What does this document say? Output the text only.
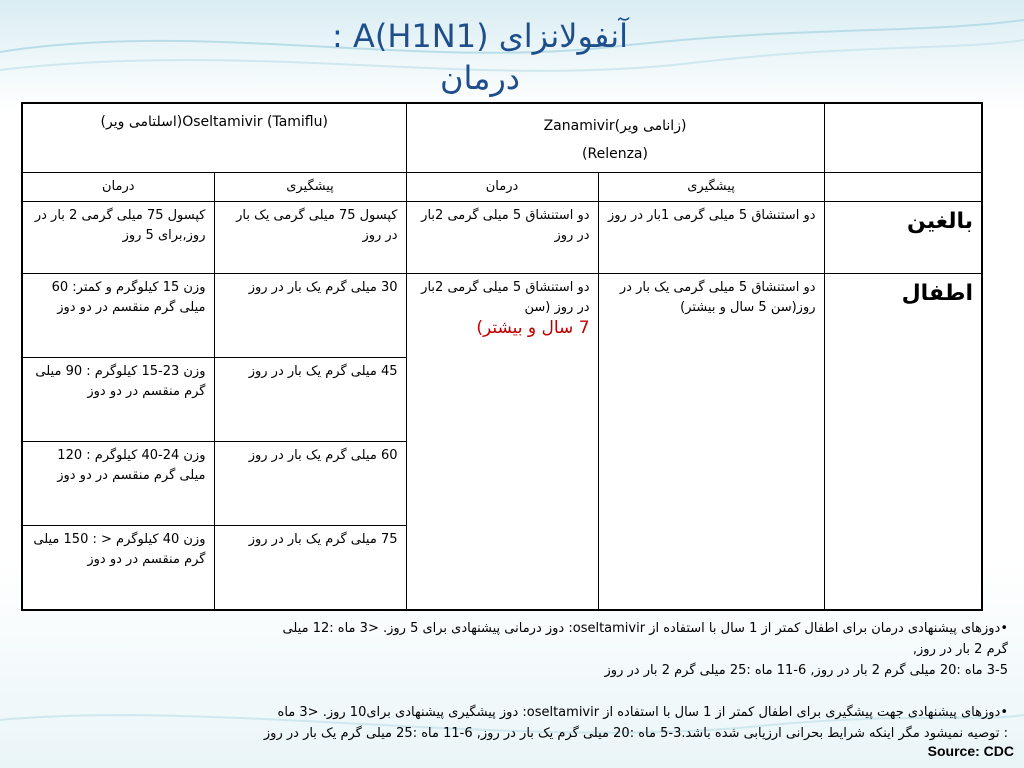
آنفولانزای A(H1N1) :
درمان

	Zanamivir(زانامی ویر)
(Relenza)		(اسلتامی ویر)Oseltamivir (Tamiflu)	
	پیشگیری	درمان	پیشگیری	درمان
بالغین	دو استنشاق 5 میلی گرمی 1بار در روز	دو استنشاق 5 میلی گرمی 2بار در روز	کپسول 75 میلی گرمی یک بار در روز	کپسول 75 میلی گرمی 2 بار در روز,برای 5 روز
اطفال	دو استنشاق 5 میلی گرمی یک بار در روز(سن 5 سال و بیشتر)	دو استنشاق 5 میلی گرمی 2بار در روز (سن
7 سال و بیشتر)	30 میلی گرم یک بار در روز	وزن 15 کیلوگرم و کمتر: 60 میلی گرم منقسم در دو دوز
			45 میلی گرم یک بار در روز	وزن 23-15 کیلوگرم : 90 میلی گرم منقسم در دو دوز
			60 میلی گرم یک بار در روز	وزن 24-40 کیلوگرم : 120 میلی گرم منقسم در دو دوز
			75 میلی گرم یک بار در روز	وزن 40 کیلوگرم < : 150 میلی گرم منقسم در دو دوز

•دوزهای پیشنهادی درمان برای اطفال کمتر از 1 سال با استفاده از oseltamivir: دوز درمانی پیشنهادی برای 5 روز. <3 ماه :12 میلی

گرم 2 بار در روز,

3-5 ماه :20 میلی گرم 2 بار در روز, 6-11 ماه :25 میلی گرم 2 بار در روز

•دوزهای پیشنهادی جهت پیشگیری برای اطفال کمتر از 1 سال با استفاده از oseltamivir: دوز پیشگیری پیشنهادی برای10 روز. <3 ماه

: توصیه نمیشود مگر اینکه شرایط بحرانی ارزیابی شده باشد.3-5 ماه :20 میلی گرم یک بار در روز, 6-11 ماه :25 میلی گرم یک بار در روز

Source: CDC
